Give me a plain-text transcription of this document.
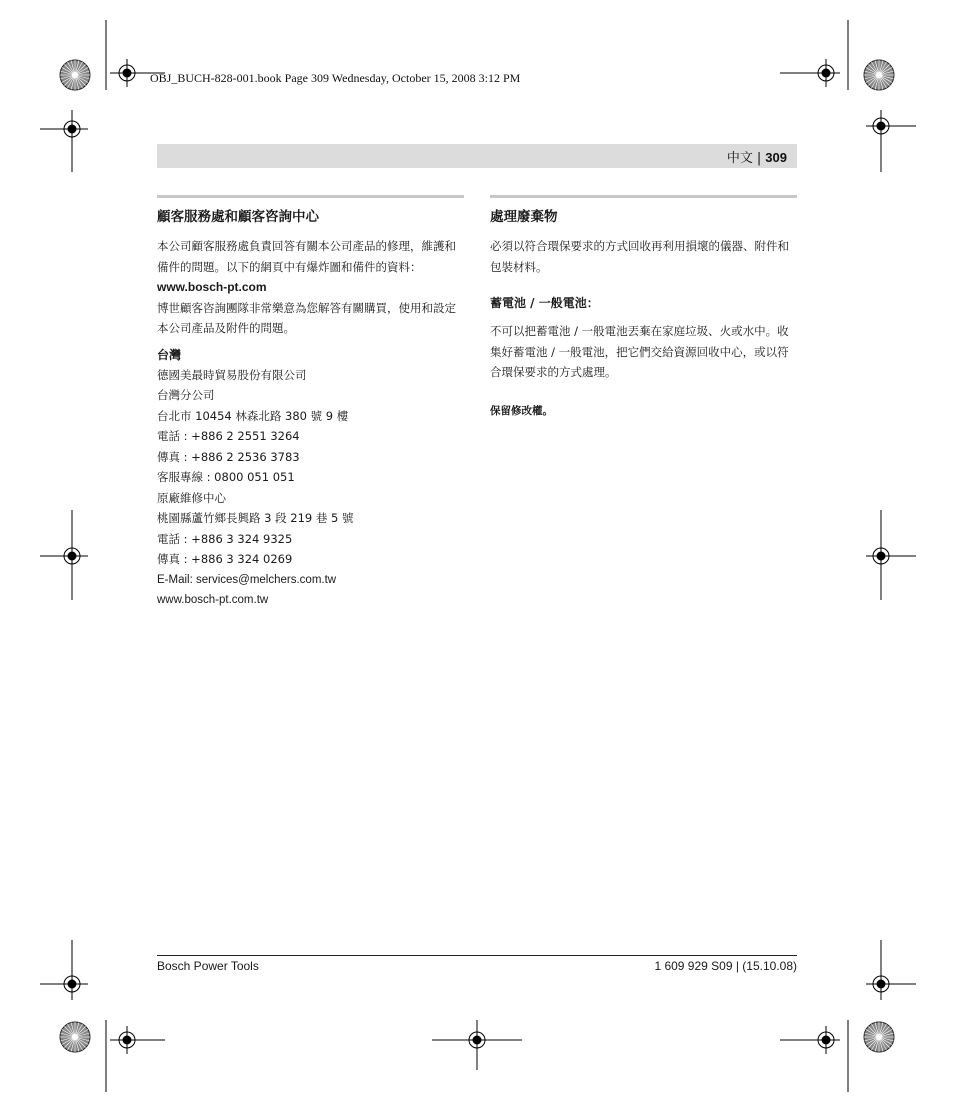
OBJ_BUCH-828-001.book Page 309 Wednesday, October 15, 2008 3:12 PM
中文 | 309
顧客服務處和顧客咨詢中心

本公司顧客服務處負責回答有關本公司產品的修理，維護和備件的問題。以下的網頁中有爆炸圖和備件的資料：

www.bosch-pt.com

博世顧客咨詢團隊非常樂意為您解答有關購買，使用和設定本公司產品及附件的問題。

台灣

德國美最時貿易股份有限公司

台灣分公司

台北市 10454 林森北路 380 號 9 樓

電話 : +886 2 2551 3264

傳真 : +886 2 2536 3783

客服專線 : 0800 051 051

原廠維修中心

桃園縣蘆竹鄉長興路 3 段 219 巷 5 號

電話 : +886 3 324 9325

傳真 : +886 3 324 0269

E-Mail: services@melchers.com.tw

www.bosch-pt.com.tw

處理廢棄物

必須以符合環保要求的方式回收再利用損壞的儀器、附件和包裝材料。

蓄電池 / 一般電池：

不可以把蓄電池 / 一般電池丟棄在家庭垃圾、火或水中。收集好蓄電池 / 一般電池，把它們交給資源回收中心，或以符合環保要求的方式處理。

保留修改權。
Bosch Power Tools	1 609 929 S09 | (15.10.08)
